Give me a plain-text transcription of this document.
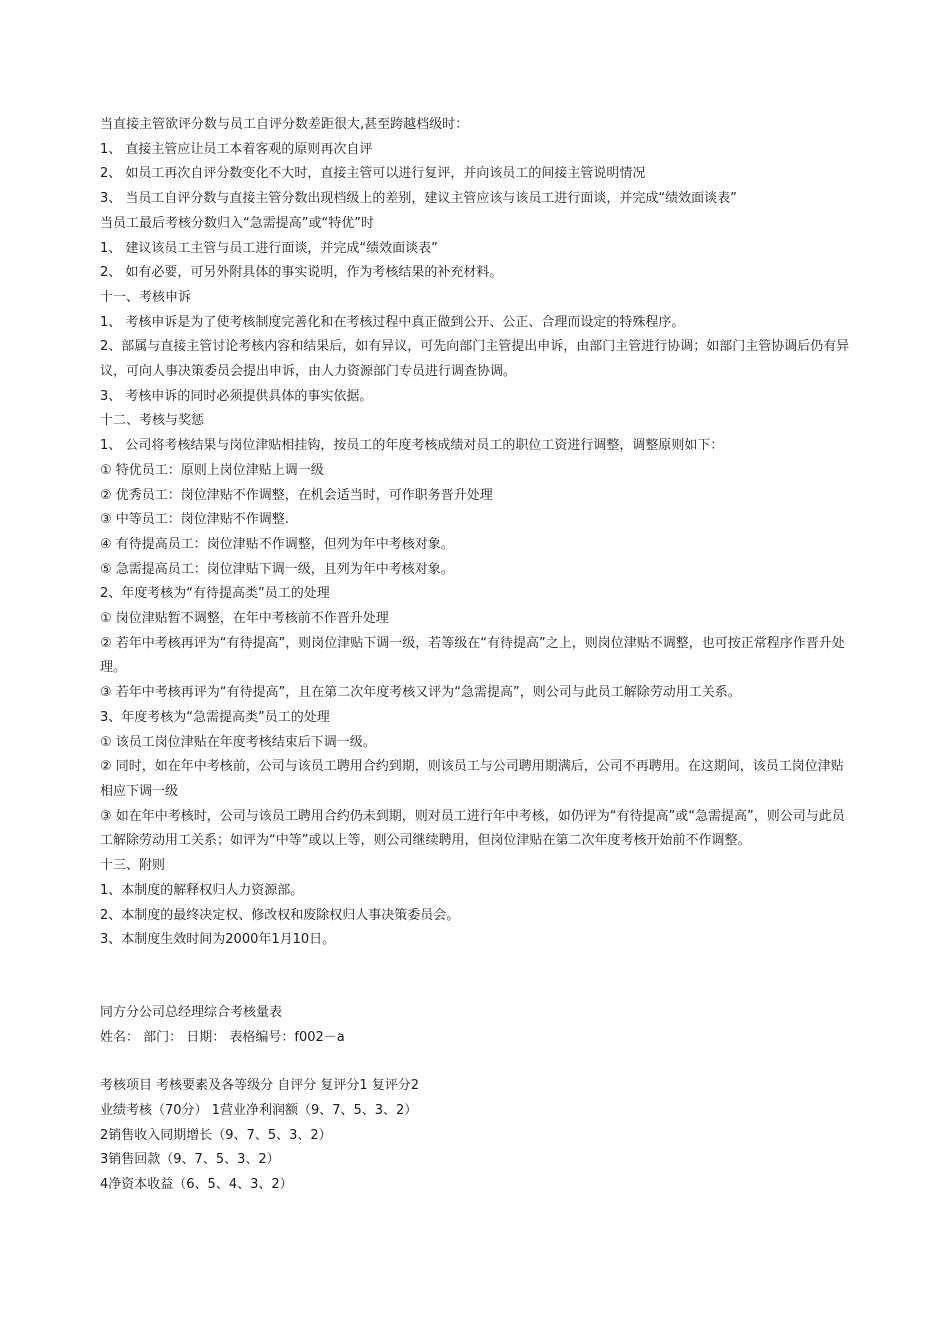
当直接主管欲评分数与员工自评分数差距很大,甚至跨越档级时：

1、 直接主管应让员工本着客观的原则再次自评

2、 如员工再次自评分数变化不大时，直接主管可以进行复评，并向该员工的间接主管说明情况

3、 当员工自评分数与直接主管分数出现档级上的差别，建议主管应该与该员工进行面谈，并完成“绩效面谈表”

当员工最后考核分数归入“急需提高”或“特优”时

1、 建议该员工主管与员工进行面谈，并完成“绩效面谈表”

2、 如有必要，可另外附具体的事实说明，作为考核结果的补充材料。

十一、考核申诉

1、 考核申诉是为了使考核制度完善化和在考核过程中真正做到公开、公正、合理而设定的特殊程序。

2、部属与直接主管讨论考核内容和结果后，如有异议，可先向部门主管提出申诉，由部门主管进行协调；如部门主管协调后仍有异议，可向人事决策委员会提出申诉，由人力资源部门专员进行调查协调。

3、 考核申诉的同时必须提供具体的事实依据。

十二、考核与奖惩

1、 公司将考核结果与岗位津贴相挂钩，按员工的年度考核成绩对员工的职位工资进行调整，调整原则如下：

① 特优员工：原则上岗位津贴上调一级

② 优秀员工：岗位津贴不作调整，在机会适当时，可作职务晋升处理

③ 中等员工：岗位津贴不作调整.

④ 有待提高员工：岗位津贴不作调整，但列为年中考核对象。

⑤ 急需提高员工：岗位津贴下调一级，且列为年中考核对象。

2、年度考核为“有待提高类”员工的处理

① 岗位津贴暂不调整，在年中考核前不作晋升处理

② 若年中考核再评为“有待提高”，则岗位津贴下调一级，若等级在“有待提高”之上，则岗位津贴不调整，也可按正常程序作晋升处理。

③ 若年中考核再评为“有待提高”，且在第二次年度考核又评为“急需提高”，则公司与此员工解除劳动用工关系。

3、年度考核为“急需提高类”员工的处理

① 该员工岗位津贴在年度考核结束后下调一级。

② 同时，如在年中考核前，公司与该员工聘用合约到期，则该员工与公司聘用期满后，公司不再聘用。在这期间，该员工岗位津贴相应下调一级

③ 如在年中考核时，公司与该员工聘用合约仍未到期，则对员工进行年中考核，如仍评为“有待提高”或“急需提高”，则公司与此员工解除劳动用工关系；如评为“中等”或以上等，则公司继续聘用，但岗位津贴在第二次年度考核开始前不作调整。

十三、附则

1、本制度的解释权归人力资源部。

2、本制度的最终决定权、修改权和废除权归人事决策委员会。

3、本制度生效时间为2000年1月10日。

同方分公司总经理综合考核量表

姓名： 部门： 日期： 表格编号：f002－a

考核项目 考核要素及各等级分 自评分 复评分1 复评分2

业绩考核（70分） 1营业净利润额（9、7、5、3、2）

2销售收入同期增长（9、7、5、3、2）

3销售回款（9、7、5、3、2）

4净资本收益（6、5、4、3、2）
